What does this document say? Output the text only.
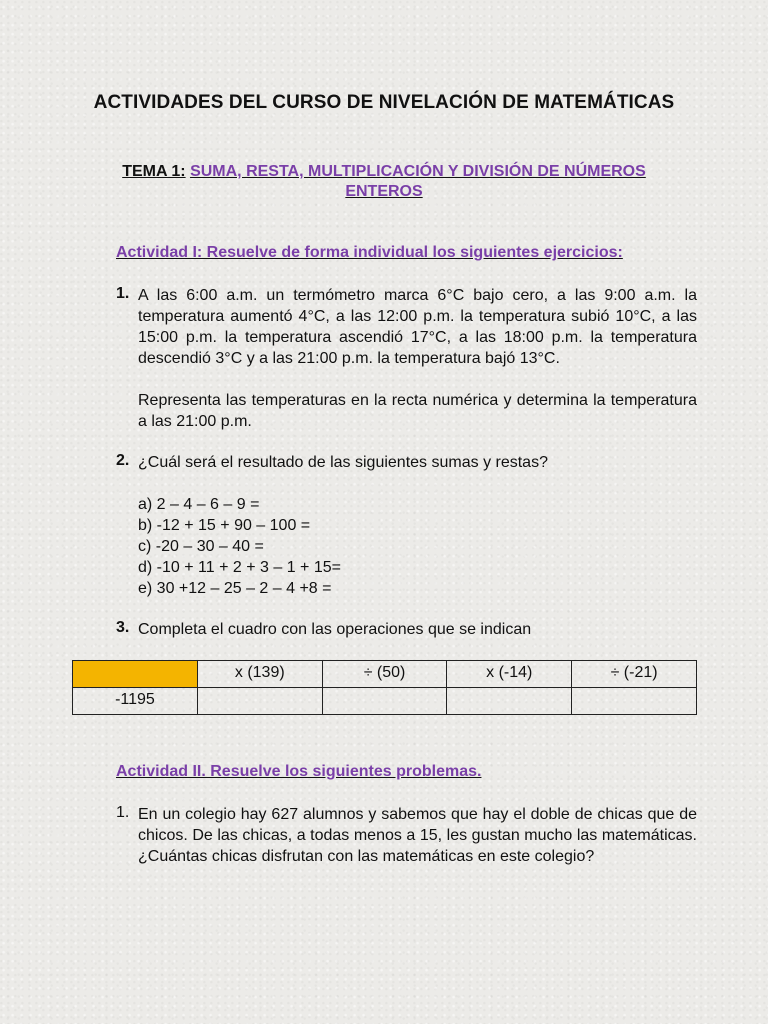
ACTIVIDADES DEL CURSO DE NIVELACIÓN DE MATEMÁTICAS
TEMA 1: SUMA, RESTA, MULTIPLICACIÓN Y DIVISIÓN DE NÚMEROS ENTEROS
Actividad I: Resuelve de forma individual los siguientes ejercicios:
1. A las 6:00 a.m. un termómetro marca 6°C bajo cero, a las 9:00 a.m. la temperatura aumentó 4°C, a las 12:00 p.m. la temperatura subió 10°C, a las 15:00 p.m. la temperatura ascendió 17°C, a las 18:00 p.m. la temperatura descendió 3°C y a las 21:00 p.m. la temperatura bajó 13°C.
Representa las temperaturas en la recta numérica y determina la temperatura a las 21:00 p.m.
2. ¿Cuál será el resultado de las siguientes sumas y restas?
a) 2 – 4 – 6 – 9 =
b) -12 + 15 + 90 – 100 =
c) -20 – 30 – 40 =
d) -10 + 11 + 2 + 3 – 1 + 15=
e) 30 +12 – 25 – 2 – 4 +8 =
3. Completa el cuadro con las operaciones que se indican
	x (139)	÷ (50)	x (-14)	÷ (-21)
-1195				
Actividad II. Resuelve los siguientes problemas.
1. En un colegio hay 627 alumnos y sabemos que hay el doble de chicas que de chicos. De las chicas, a todas menos a 15, les gustan mucho las matemáticas. ¿Cuántas chicas disfrutan con las matemáticas en este colegio?
